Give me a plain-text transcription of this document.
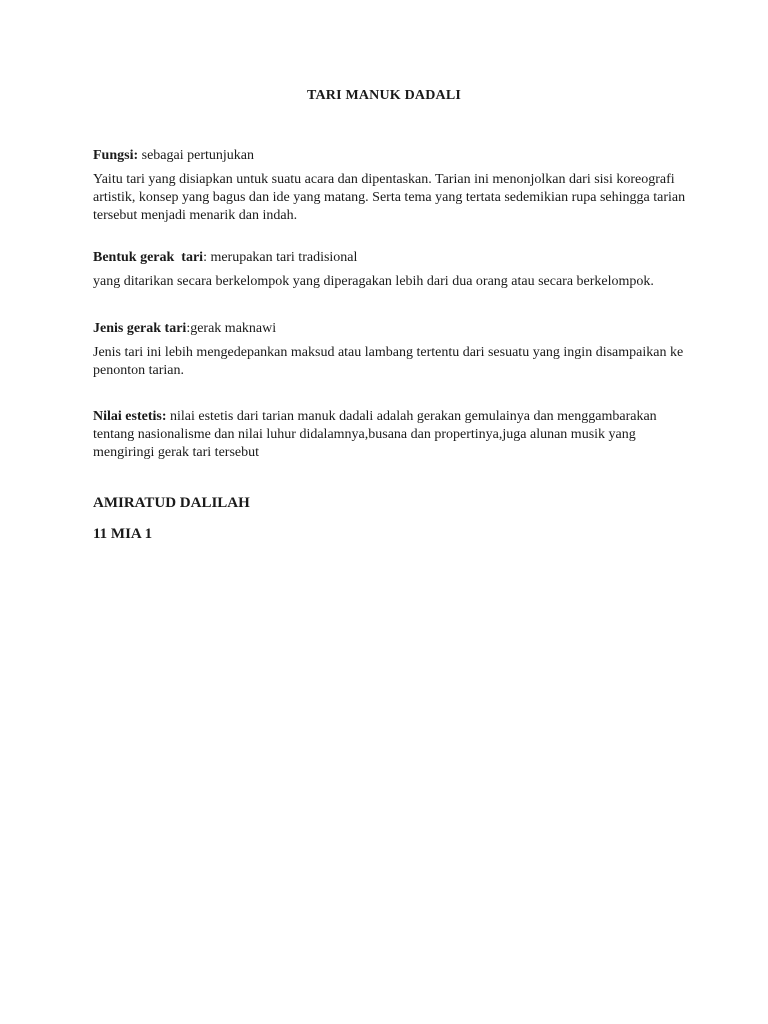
TARI MANUK DADALI

Fungsi: sebagai pertunjukan

Yaitu tari yang disiapkan untuk suatu acara dan dipentaskan. Tarian ini menonjolkan dari sisi koreografi artistik, konsep yang bagus dan ide yang matang. Serta tema yang tertata sedemikian rupa sehingga tarian tersebut menjadi menarik dan indah.

Bentuk gerak  tari: merupakan tari tradisional

yang ditarikan secara berkelompok yang diperagakan lebih dari dua orang atau secara berkelompok.

Jenis gerak tari:gerak maknawi

Jenis tari ini lebih mengedepankan maksud atau lambang tertentu dari sesuatu yang ingin disampaikan ke penonton tarian.

Nilai estetis: nilai estetis dari tarian manuk dadali adalah gerakan gemulainya dan menggambarakan tentang nasionalisme dan nilai luhur didalamnya,busana dan propertinya,juga alunan musik yang mengiringi gerak tari tersebut

AMIRATUD DALILAH

11 MIA 1
